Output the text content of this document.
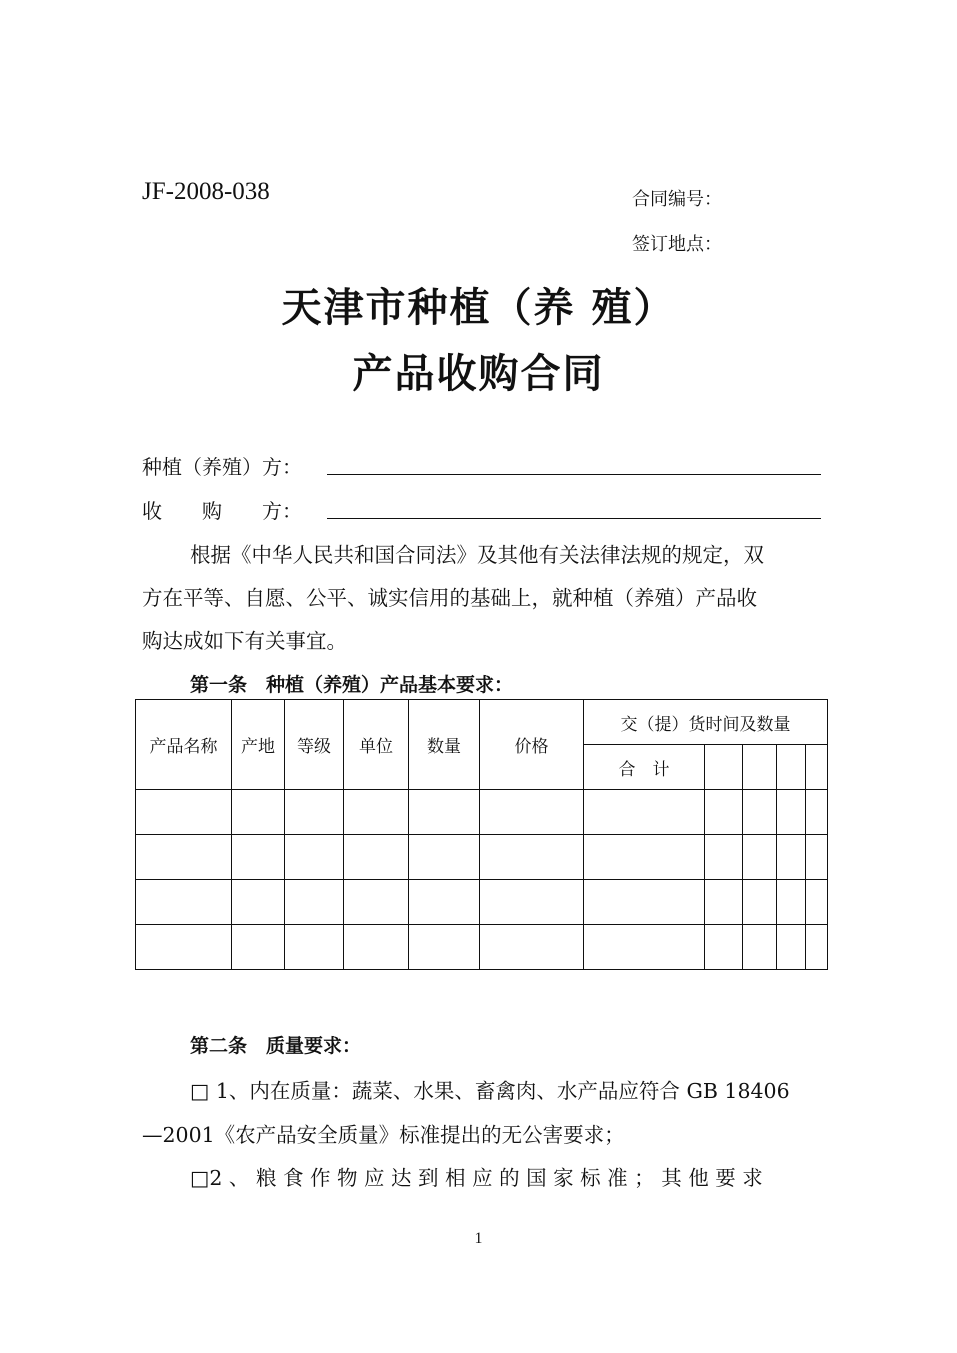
JF-2008-038	合同编号：
签订地点：
天津市种植（养 殖）
产品收购合同
种植（养殖）方：
收　　购　　方：
根据《中华人民共和国合同法》及其他有关法律法规的规定，双
方在平等、自愿、公平、诚实信用的基础上，就种植（养殖）产品收
购达成如下有关事宜。
第一条　种植（养殖）产品基本要求：
产品名称	产地	等级	单位	数量	价格	交（提）货时间及数量				
						合　计				

第二条　质量要求：
□ 1、内在质量：蔬菜、水果、畜禽肉、水产品应符合 GB 18406
—2001《农产品安全质量》标准提出的无公害要求；
□2 、 粮 食 作 物 应 达 到 相 应 的 国 家 标 准 ； 其 他 要 求
1
